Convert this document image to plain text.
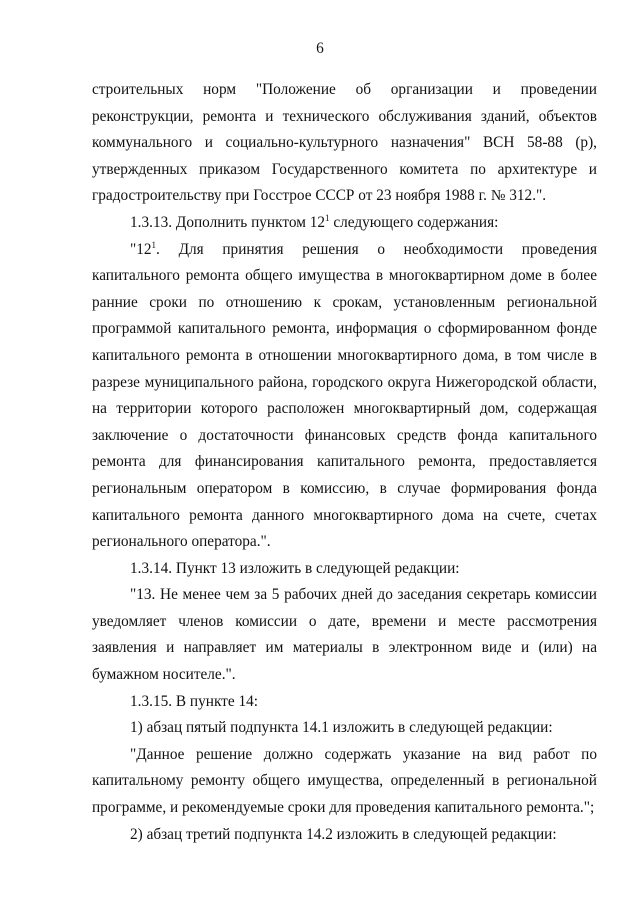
6

строительных норм "Положение об организации и проведении реконструкции, ремонта и технического обслуживания зданий, объектов коммунального и социально-культурного назначения" ВСН 58-88 (р), утвержденных приказом Государственного комитета по архитектуре и градостроительству при Госстрое СССР от 23 ноября 1988 г. № 312.".

1.3.13. Дополнить пунктом $12^1$ следующего содержания:

"$12^1$. Для принятия решения о необходимости проведения капитального ремонта общего имущества в многоквартирном доме в более ранние сроки по отношению к срокам, установленным региональной программой капитального ремонта, информация о сформированном фонде капитального ремонта в отношении многоквартирного дома, в том числе в разрезе муниципального района, городского округа Нижегородской области, на территории которого расположен многоквартирный дом, содержащая заключение о достаточности финансовых средств фонда капитального ремонта для финансирования капитального ремонта, предоставляется региональным оператором в комиссию, в случае формирования фонда капитального ремонта данного многоквартирного дома на счете, счетах регионального оператора.".

1.3.14. Пункт 13 изложить в следующей редакции:

"13. Не менее чем за 5 рабочих дней до заседания секретарь комиссии уведомляет членов комиссии о дате, времени и месте рассмотрения заявления и направляет им материалы в электронном виде и (или) на бумажном носителе.".

1.3.15. В пункте 14:

1) абзац пятый подпункта 14.1 изложить в следующей редакции:

"Данное решение должно содержать указание на вид работ по капитальному ремонту общего имущества, определенный в региональной программе, и рекомендуемые сроки для проведения капитального ремонта.";

2) абзац третий подпункта 14.2 изложить в следующей редакции:
